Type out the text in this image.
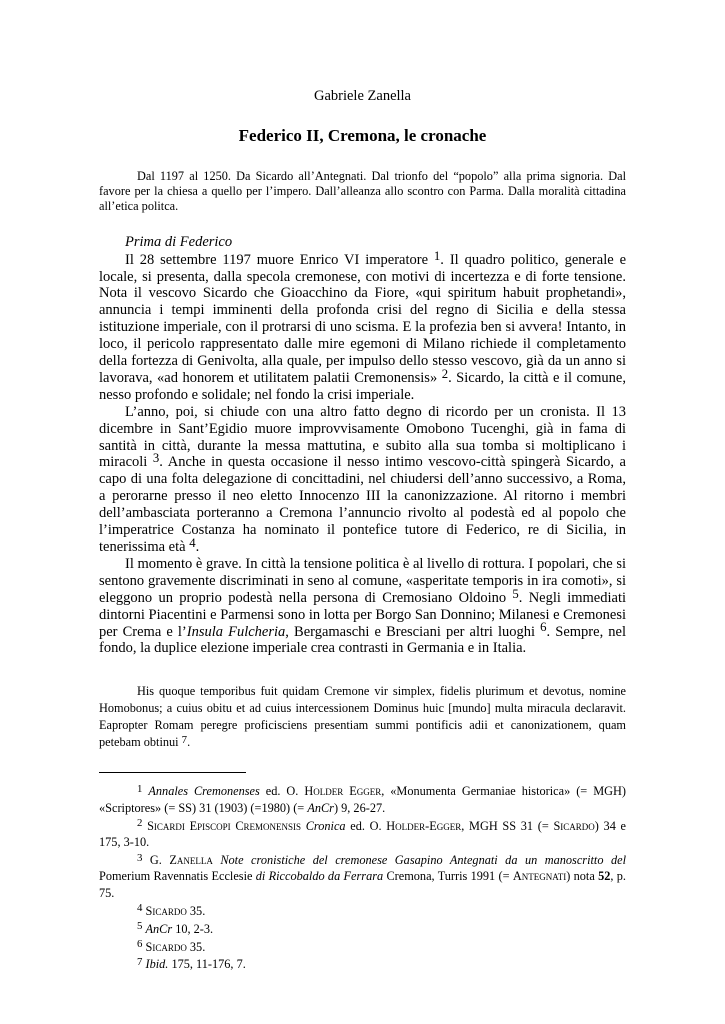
Gabriele Zanella
Federico II, Cremona, le cronache

Dal 1197 al 1250. Da Sicardo all’Antegnati. Dal trionfo del “popolo” alla prima signoria. Dal favore per la chiesa a quello per l’impero. Dall’alleanza allo scontro con Parma. Dalla moralità cittadina all’etica politca.

Prima di Federico

Il 28 settembre 1197 muore Enrico VI imperatore $^1$. Il quadro politico, generale e locale, si presenta, dalla specola cremonese, con motivi di incertezza e di forte tensione. Nota il vescovo Sicardo che Gioacchino da Fiore, «qui spiritum habuit prophetandi», annuncia i tempi imminenti della profonda crisi del regno di Sicilia e della stessa istituzione imperiale, con il protrarsi di uno scisma. E la profezia ben si avvera! Intanto, in loco, il pericolo rappresentato dalle mire egemoni di Milano richiede il completamento della fortezza di Genivolta, alla quale, per impulso dello stesso vescovo, già da un anno si lavorava, «ad honorem et utilitatem palatii Cremonensis» $^2$. Sicardo, la città e il comune, nesso profondo e solidale; nel fondo la crisi imperiale.

L’anno, poi, si chiude con una altro fatto degno di ricordo per un cronista. Il 13 dicembre in Sant’Egidio muore improvvisamente Omobono Tucenghi, già in fama di santità in città, durante la messa mattutina, e subito alla sua tomba si moltiplicano i miracoli $^3$. Anche in questa occasione il nesso intimo vescovo-città spingerà Sicardo, a capo di una folta delegazione di concittadini, nel chiudersi dell’anno successivo, a Roma, a perorarne presso il neo eletto Innocenzo III la canonizzazione. Al ritorno i membri dell’ambasciata porteranno a Cremona l’annuncio rivolto al podestà ed al popolo che l’imperatrice Costanza ha nominato il pontefice tutore di Federico, re di Sicilia, in tenerissima età $^4$.

Il momento è grave. In città la tensione politica è al livello di rottura. I popolari, che si sentono gravemente discriminati in seno al comune, «asperitate temporis in ira comoti», si eleggono un proprio podestà nella persona di Cremosiano Oldoino $^5$. Negli immediati dintorni Piacentini e Parmensi sono in lotta per Borgo San Donnino; Milanesi e Cremonesi per Crema e l’Insula Fulcheria, Bergamaschi e Bresciani per altri luoghi $^6$. Sempre, nel fondo, la duplice elezione imperiale crea contrasti in Germania e in Italia.

His quoque temporibus fuit quidam Cremone vir simplex, fidelis plurimum et devotus, nomine Homobonus; a cuius obitu et ad cuius intercessionem Dominus huic [mundo] multa miracula declaravit. Eapropter Romam peregre proficisciens presentiam summi pontificis adii et canonizationem, quam petebam obtinui $^7$.

$^1$ Annales Cremonenses ed. O. Holder Egger, «Monumenta Germaniae historica» (= MGH) «Scriptores» (= SS) 31 (1903) (=1980) (= AnCr) 9, 26-27.

$^2$ Sicardi Episcopi Cremonensis Cronica ed. O. Holder-Egger, MGH SS 31 (= Sicardo) 34 e 175, 3-10.

$^3$ G. Zanella Note cronistiche del cremonese Gasapino Antegnati da un manoscritto del Pomerium Ravennatis Ecclesie di Riccobaldo da Ferrara Cremona, Turris 1991 (= Antegnati) nota 52, p. 75.

$^4$ Sicardo 35.

$^5$ AnCr 10, 2-3.

$^6$ Sicardo 35.

$^7$ Ibid. 175, 11-176, 7.
